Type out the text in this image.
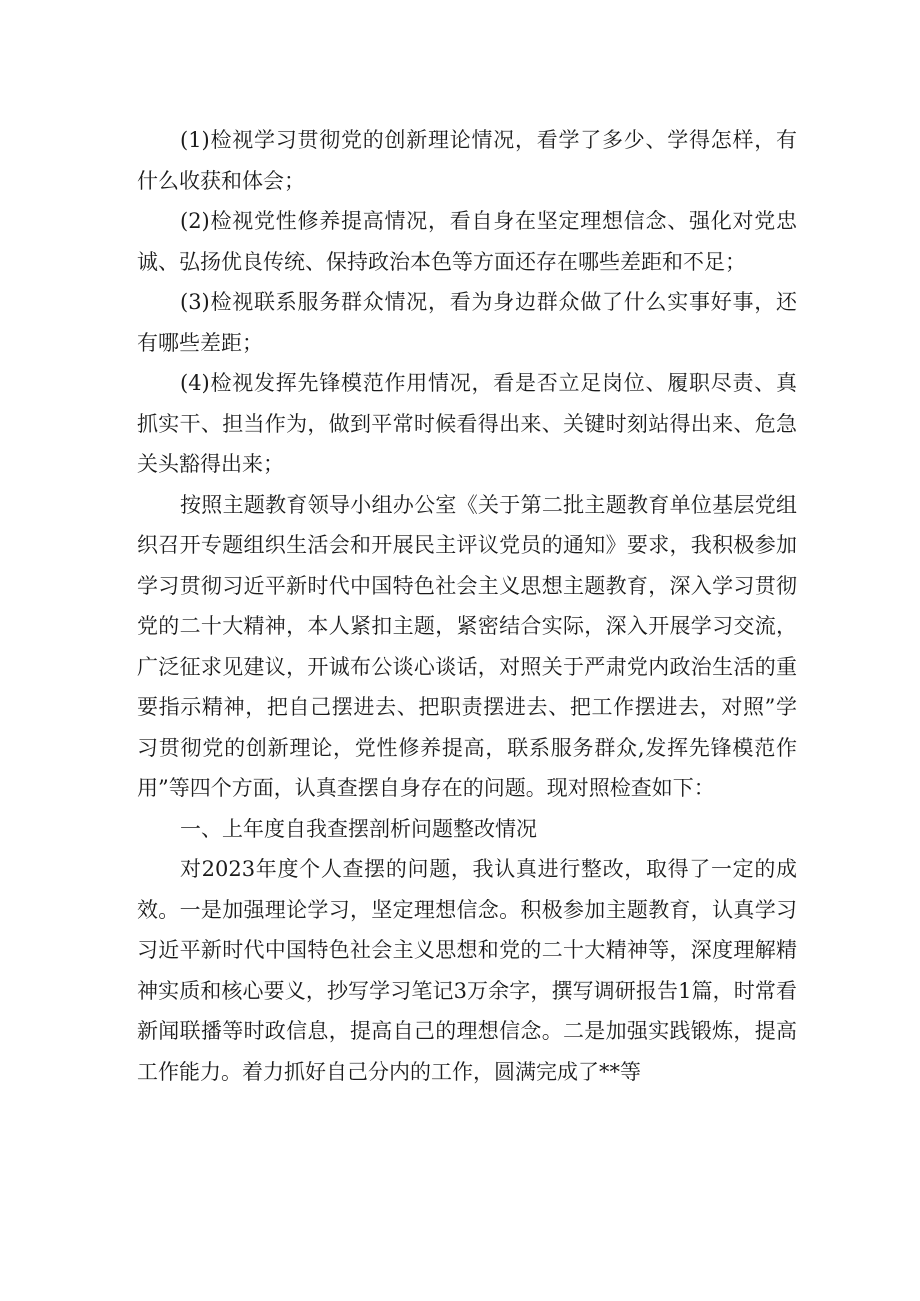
(1)检视学习贯彻党的创新理论情况，看学了多少、学得怎样，有什么收获和体会；

(2)检视党性修养提高情况，看自身在坚定理想信念、强化对党忠诚、弘扬优良传统、保持政治本色等方面还存在哪些差距和不足；

(3)检视联系服务群众情况，看为身边群众做了什么实事好事，还有哪些差距；

(4)检视发挥先锋模范作用情况，看是否立足岗位、履职尽责、真抓实干、担当作为，做到平常时候看得出来、关键时刻站得出来、危急关头豁得出来；

按照主题教育领导小组办公室《关于第二批主题教育单位基层党组织召开专题组织生活会和开展民主评议党员的通知》要求，我积极参加学习贯彻习近平新时代中国特色社会主义思想主题教育，深入学习贯彻党的二十大精神，本人紧扣主题，紧密结合实际，深入开展学习交流，广泛征求见建议，开诚布公谈心谈话，对照关于严肃党内政治生活的重要指示精神，把自己摆进去、把职责摆进去、把工作摆进去，对照”学习贯彻党的创新理论，党性修养提高，联系服务群众,发挥先锋模范作用”等四个方面，认真查摆自身存在的问题。现对照检查如下：

一、上年度自我查摆剖析问题整改情况

对2023年度个人查摆的问题，我认真进行整改，取得了一定的成效。一是加强理论学习，坚定理想信念。积极参加主题教育，认真学习习近平新时代中国特色社会主义思想和党的二十大精神等，深度理解精神实质和核心要义，抄写学习笔记3万余字，撰写调研报告1篇，时常看新闻联播等时政信息，提高自己的理想信念。二是加强实践锻炼，提高工作能力。着力抓好自己分内的工作，圆满完成了**等
